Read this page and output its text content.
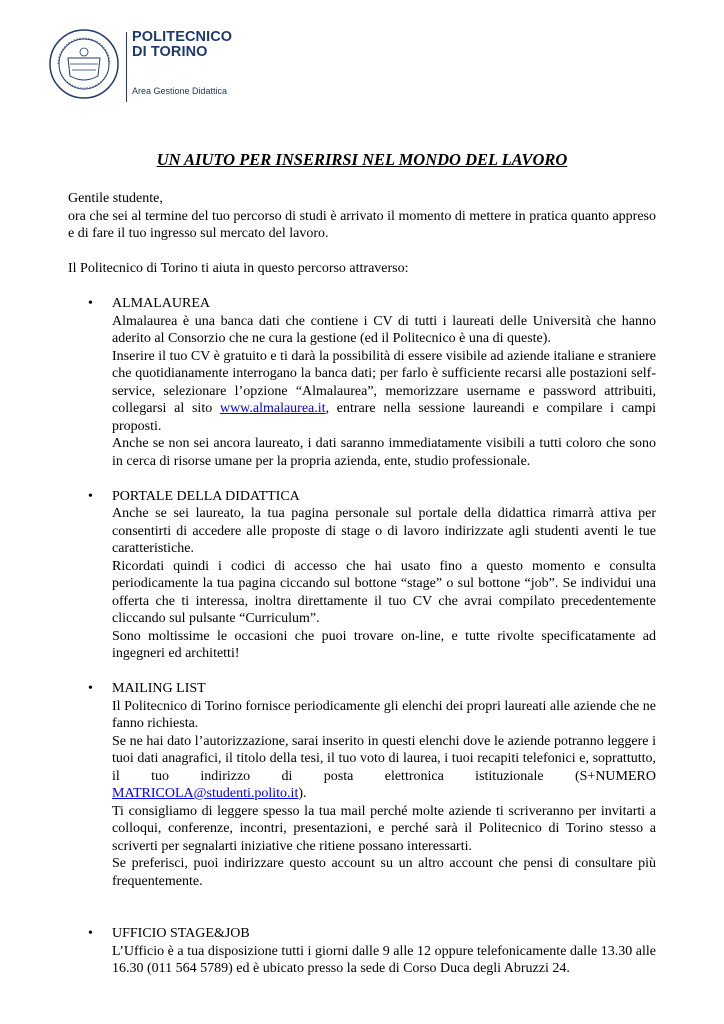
POLITECNICO
DI TORINO
Area Gestione Didattica
UN AIUTO PER INSERIRSI NEL MONDO DEL LAVORO

Gentile studente,

ora che sei al termine del tuo percorso di studi è arrivato il momento di mettere in pratica quanto appreso e di fare il tuo ingresso sul mercato del lavoro.

Il Politecnico di Torino ti aiuta in questo percorso attraverso:

• ALMALAUREA

Almalaurea è una banca dati che contiene i CV di tutti i laureati delle Università che hanno aderito al Consorzio che ne cura la gestione (ed il Politecnico è una di queste).

Inserire il tuo CV è gratuito e ti darà la possibilità di essere visibile ad aziende italiane e straniere che quotidianamente interrogano la banca dati; per farlo è sufficiente recarsi alle postazioni self-service, selezionare l’opzione “Almalaurea”, memorizzare username e password attribuiti, collegarsi al sito www.almalaurea.it, entrare nella sessione laureandi e compilare i campi proposti.

Anche se non sei ancora laureato, i dati saranno immediatamente visibili a tutti coloro che sono in cerca di risorse umane per la propria azienda, ente, studio professionale.

• PORTALE DELLA DIDATTICA

Anche se sei laureato, la tua pagina personale sul portale della didattica rimarrà attiva per consentirti di accedere alle proposte di stage o di lavoro indirizzate agli studenti aventi le tue caratteristiche.

Ricordati quindi i codici di accesso che hai usato fino a questo momento e consulta periodicamente la tua pagina ciccando sul bottone “stage” o sul bottone “job”. Se individui una offerta che ti interessa, inoltra direttamente il tuo CV che avrai compilato precedentemente cliccando sul pulsante “Curriculum”.

Sono moltissime le occasioni che puoi trovare on-line, e tutte rivolte specificatamente ad ingegneri ed architetti!

• MAILING LIST

Il Politecnico di Torino fornisce periodicamente gli elenchi dei propri laureati alle aziende che ne fanno richiesta.

Se ne hai dato l’autorizzazione, sarai inserito in questi elenchi dove le aziende potranno leggere i tuoi dati anagrafici, il titolo della tesi, il tuo voto di laurea, i tuoi recapiti telefonici e, soprattutto, il tuo indirizzo di posta elettronica istituzionale (S+NUMERO MATRICOLA@studenti.polito.it).

Ti consigliamo di leggere spesso la tua mail perché molte aziende ti scriveranno per invitarti a colloqui, conferenze, incontri, presentazioni, e perché sarà il Politecnico di Torino stesso a scriverti per segnalarti iniziative che ritiene possano interessarti.

Se preferisci, puoi indirizzare questo account su un altro account che pensi di consultare più frequentemente.

• UFFICIO STAGE&JOB

L’Ufficio è a tua disposizione tutti i giorni dalle 9 alle 12 oppure telefonicamente dalle 13.30 alle 16.30 (011 564 5789) ed è ubicato presso la sede di Corso Duca degli Abruzzi 24.
